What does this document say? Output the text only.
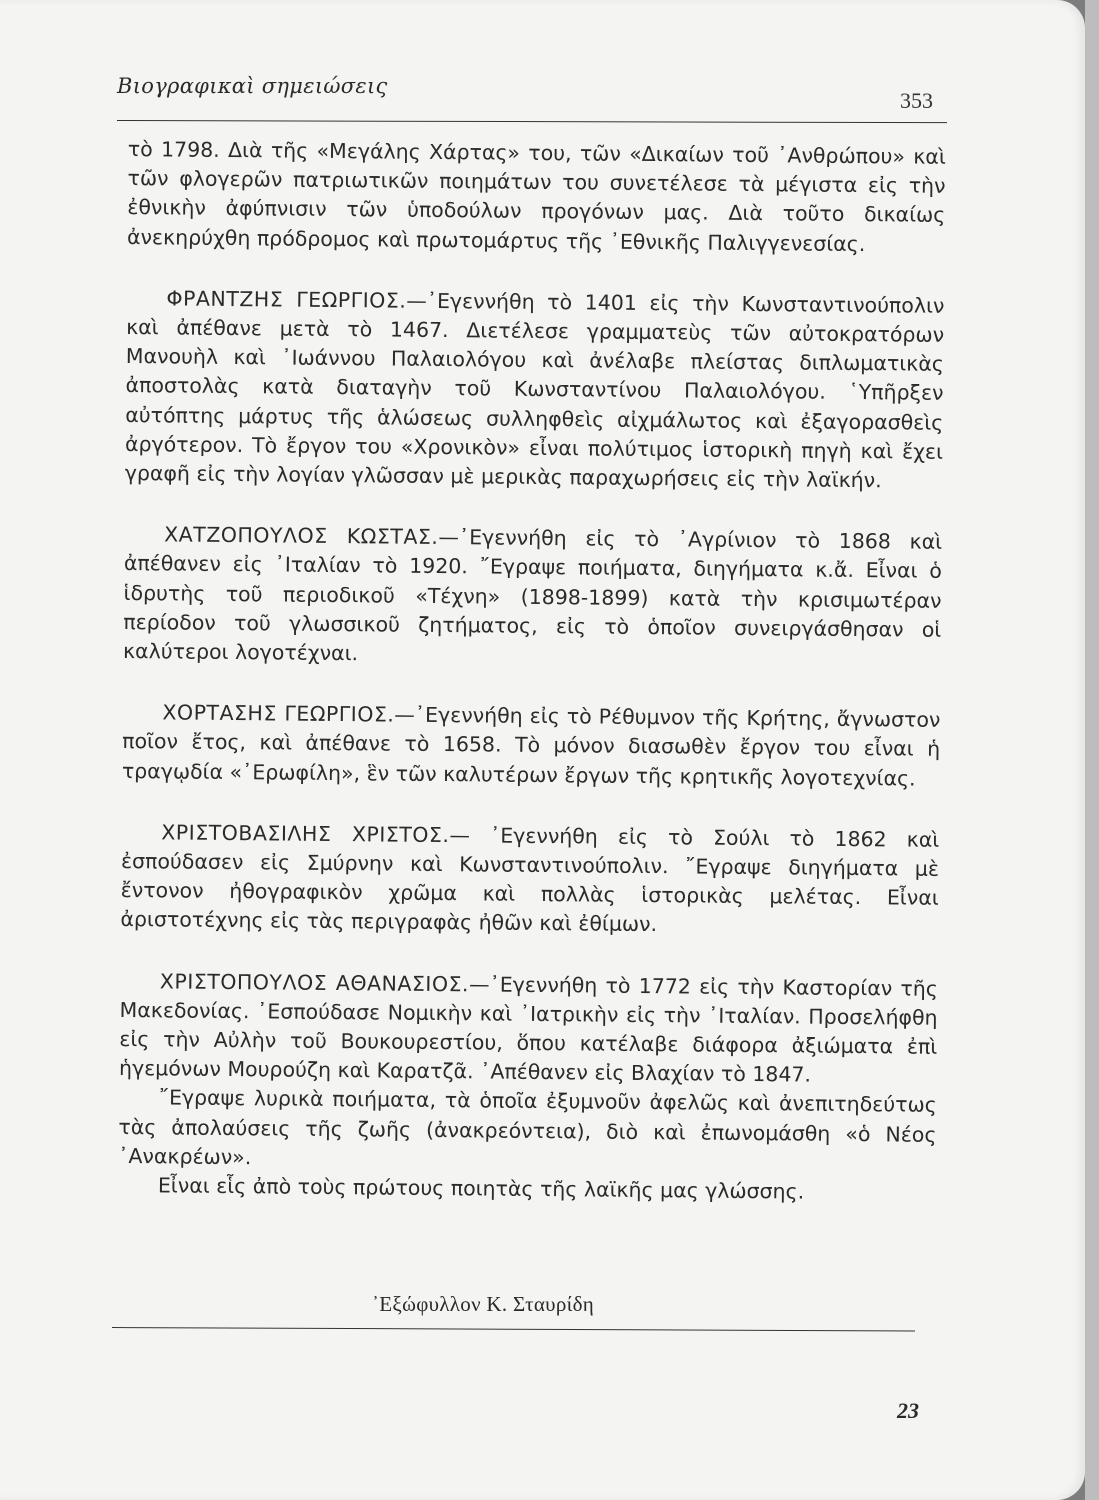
Βιογραφικαὶ σημειώσεις
353

τὸ 1798. Διὰ τῆς «Μεγάλης Χάρτας» του, τῶν «Δικαίων τοῦ ᾿Ανθρώπου» καὶ τῶν φλογερῶν πατριωτικῶν ποιημάτων του συνετέλεσε τὰ μέγιστα εἰς τὴν ἐθνικὴν ἀφύπνισιν τῶν ὑποδούλων προγόνων μας. Διὰ τοῦτο δικαίως ἀνεκηρύχθη πρόδρομος καὶ πρωτομάρτυς τῆς ᾿Εθνικῆς Παλιγγενεσίας.

ΦΡΑΝΤΖΗΣ ΓΕΩΡΓΙΟΣ.—᾿Εγεννήθη τὸ 1401 εἰς τὴν Κωνσταντινούπολιν καὶ ἀπέθανε μετὰ τὸ 1467. Διετέλεσε γραμματεὺς τῶν αὐτοκρατόρων Μανουὴλ καὶ ᾿Ιωάννου Παλαιολόγου καὶ ἀνέλαβε πλείστας διπλωματικὰς ἀποστολὰς κατὰ διαταγὴν τοῦ Κωνσταντίνου Παλαιολόγου. ῾Υπῆρξεν αὐτόπτης μάρτυς τῆς ἁλώσεως συλληφθεὶς αἰχμάλωτος καὶ ἐξαγορασθεὶς ἀργότερον. Τὸ ἔργον του «Χρονικὸν» εἶναι πολύτιμος ἱστορικὴ πηγὴ καὶ ἔχει γραφῆ εἰς τὴν λογίαν γλῶσσαν μὲ μερικὰς παραχωρήσεις εἰς τὴν λαϊκήν.

ΧΑΤΖΟΠΟΥΛΟΣ ΚΩΣΤΑΣ.—᾿Εγεννήθη εἰς τὸ ᾿Αγρίνιον τὸ 1868 καὶ ἀπέθανεν εἰς ᾿Ιταλίαν τὸ 1920. ῎Εγραψε ποιήματα, διηγήματα κ.ἄ. Εἶναι ὁ ἱδρυτὴς τοῦ περιοδικοῦ «Τέχνη» (1898-1899) κατὰ τὴν κρισιμωτέραν περίοδον τοῦ γλωσσικοῦ ζητήματος, εἰς τὸ ὁποῖον συνειργάσθησαν οἱ καλύτεροι λογοτέχναι.

ΧΟΡΤΑΣΗΣ ΓΕΩΡΓΙΟΣ.—᾿Εγεννήθη εἰς τὸ Ρέθυμνον τῆς Κρήτης, ἄγνωστον ποῖον ἔτος, καὶ ἀπέθανε τὸ 1658. Τὸ μόνον διασωθὲν ἔργον του εἶναι ἡ τραγῳδία «᾿Ερωφίλη», ἓν τῶν καλυτέρων ἔργων τῆς κρητικῆς λογοτεχνίας.

ΧΡΙΣΤΟΒΑΣΙΛΗΣ ΧΡΙΣΤΟΣ.— ᾿Εγεννήθη εἰς τὸ Σούλι τὸ 1862 καὶ ἐσπούδασεν εἰς Σμύρνην καὶ Κωνσταντινούπολιν. ῎Εγραψε διηγήματα μὲ ἔντονον ἠθογραφικὸν χρῶμα καὶ πολλὰς ἱστορικὰς μελέτας. Εἶναι ἀριστοτέχνης εἰς τὰς περιγραφὰς ἠθῶν καὶ ἐθίμων.

ΧΡΙΣΤΟΠΟΥΛΟΣ ΑΘΑΝΑΣΙΟΣ.—᾿Εγεννήθη τὸ 1772 εἰς τὴν Καστορίαν τῆς Μακεδονίας. ᾿Εσπούδασε Νομικὴν καὶ ᾿Ιατρικὴν εἰς τὴν ᾿Ιταλίαν. Προσελήφθη εἰς τὴν Αὐλὴν τοῦ Βουκουρεστίου, ὅπου κατέλαβε διάφορα ἀξιώματα ἐπὶ ἡγεμόνων Μουρούζη καὶ Καρατζᾶ. ᾿Απέθανεν εἰς Βλαχίαν τὸ 1847.

῎Εγραψε λυρικὰ ποιήματα, τὰ ὁποῖα ἐξυμνοῦν ἀφελῶς καὶ ἀνεπιτηδεύτως τὰς ἀπολαύσεις τῆς ζωῆς (ἀνακρεόντεια), διὸ καὶ ἐπωνομάσθη «ὁ Νέος ᾿Ανακρέων».

Εἶναι εἷς ἀπὸ τοὺς πρώτους ποιητὰς τῆς λαϊκῆς μας γλώσσης.

᾿Εξώφυλλον Κ. Σταυρίδη
23
